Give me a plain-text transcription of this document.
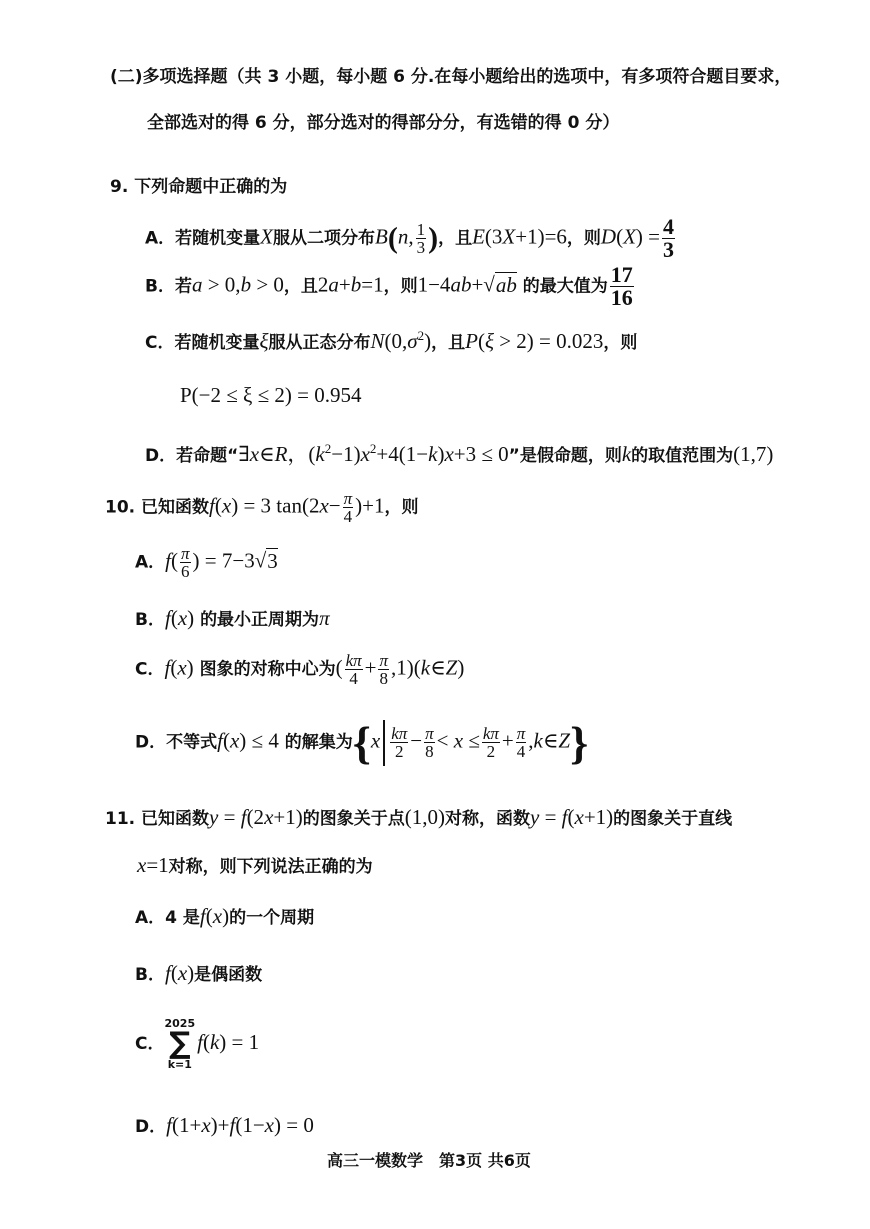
(二)多项选择题（共 3 小题，每小题 6 分.在每小题给出的选项中，有多项符合题目要求，
全部选对的得 6 分，部分选对的得部分分，有选错的得 0 分）
9. 下列命题中正确的为
A．若随机变量X服从二项分布B(n, $\frac{1}{3}$ )，且E(3X+1)=6，则$D(X) = \frac{4}{3}$
B．若a > 0,b > 0，且2a+b=1，则1−4ab+√ab 的最大值为 $\frac{17}{16}$
C．若随机变量ξ服从正态分布$N(0,\sigma^2)$，且P(ξ > 2) = 0.023，则
P(−2 ≤ ξ ≤ 2) = 0.954
D．若命题“∃x∈R，$(k^2-1)x^2+4(1-k)x+3 \le 0$”是假命题，则k的取值范围为(1,7)
10. 已知函数f(x) = 3 $\tan(2x- \frac{\pi}{4} )+1$，则
A．$f( \frac{\pi}{6}$ ) = 7−3√3
B．f(x) 的最小正周期为π
C．f(x) 图象的对称中心为( $\frac{k\pi}{4} + \frac{\pi}{8}$ ,1)(k∈Z)
D．不等式f(x) ≤ 4 的解集为{$x \frac{k\pi}{2} - \frac{\pi}{8} < x \le \frac{k\pi}{2} + \frac{\pi}{4}$ ,k∈Z}
11. 已知函数y = f(2x+1)的图象关于点(1,0)对称，函数y = f(x+1)的图象关于直线
x=1对称，则下列说法正确的为
A．4 是f(x)的一个周期
B．f(x)是偶函数
C．
2025
∑
k=1
f(k) = 1
D．f(1+x)+f(1−x) = 0
高三一模数学　第3页 共6页
